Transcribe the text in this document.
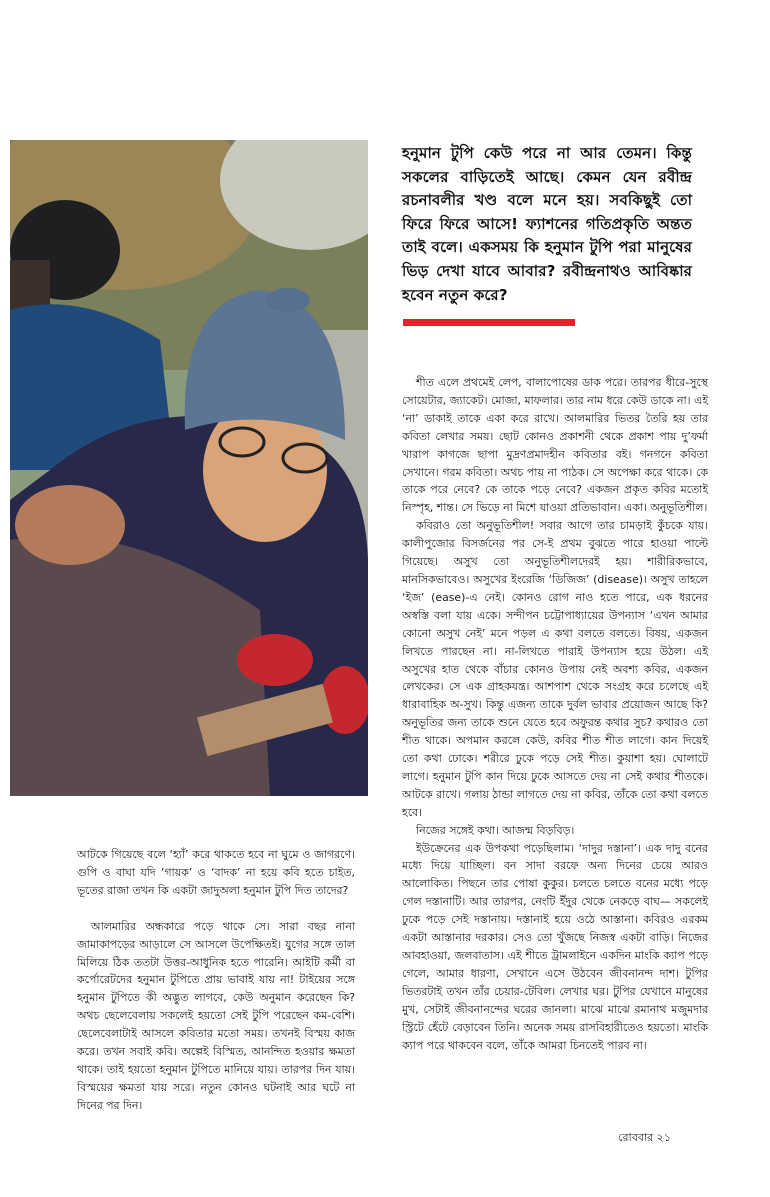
হনুমান টুপি কেউ পরে না আর তেমন। কিন্তু সকলের বাড়িতেই আছে। কেমন যেন রবীন্দ্র রচনাবলীর খণ্ড বলে মনে হয়। সবকিছুই তো ফিরে ফিরে আসে! ফ্যাশনের গতিপ্রকৃতি অন্তত তাই বলে। একসময় কি হনুমান টুপি পরা মানুষের ভিড় দেখা যাবে আবার? রবীন্দ্রনাথও আবিষ্কার হবেন নতুন করে?

শীত এলে প্রথমেই লেপ, বালাপোষের ডাক পরে। তারপর ধীরে-সুস্থে সোয়েটার, জ্যাকেট। মোজা, মাফলার। তার নাম ধরে কেউ ডাকে না। এই ‘না’ ডাকাই তাকে একা করে রাখে। আলমারির ভিতর তৈরি হয় তার কবিতা লেখার সময়। ছোট কোনও প্রকাশনী থেকে প্রকাশ পায় দু’ফর্মা খারাপ কাগজে ছাপা মুদ্রণপ্রমাদহীন কবিতার বই। গনগনে কবিতা সেখানে। গরম কবিতা। অথচ পায় না পাঠক। সে অপেক্ষা করে থাকে। কে তাকে পরে নেবে? কে তাকে পড়ে নেবে? একজন প্রকৃত কবির মতোই নিস্পৃহ, শান্ত। সে ভিড়ে না মিশে যাওয়া প্রতিভাবান। একা। অনুভূতিশীল।

কবিরাও তো অনুভূতিশীল! সবার আগে তার চামড়াই কুঁচকে যায়। কালীপুজোর বিসর্জনের পর সে-ই প্রথম বুঝতে পারে হাওয়া পাল্টে গিয়েছে। অসুখ তো অনুভূতিশীলদেরই হয়। শারীরিকভাবে, মানসিকভাবেও। অসুখের ইংরেজি ‘ডিজিজ’ (disease)। অসুখ তাহলে ‘ইজ’ (ease)-এ নেই। কোনও রোগ নাও হতে পারে, এক ধরনের অস্বস্তি বলা যায় একে। সন্দীপন চট্টোপাধ্যায়ের উপন্যাস ‘এখন আমার কোনো অসুখ নেই’ মনে পড়ল এ কথা বলতে বলতে। বিষয়, একজন লিখতে পারছেন না। না-লিখতে পারাই উপন্যাস হয়ে উঠল। এই অসুখের হাত থেকে বাঁচার কোনও উপায় নেই অবশ্য কবির, একজন লেখকের। সে এক গ্রাহকযন্ত্র। আশপাশ থেকে সংগ্রহ করে চলেছে এই ধারাবাহিক অ-সুখ। কিন্তু এজন্য তাকে দুর্বল ভাবার প্রয়োজন আছে কি? অনুভূতির জন্য তাকে শুনে যেতে হবে অফুরন্ত কথার সুচ? কথারও তো শীত থাকে। অপমান করলে কেউ, কবির শীত শীত লাগে। কান দিয়েই তো কথা ঢোকে। শরীরে ঢুকে পড়ে সেই শীত। কুয়াশা হয়। ঘোলাটে লাগে। হনুমান টুপি কান দিয়ে ঢুকে আসতে দেয় না সেই কথার শীতকে। আটকে রাখে। গলায় ঠান্ডা লাগতে দেয় না কবির, তাঁকে তো কথা বলতে হবে।

নিজের সঙ্গেই কথা। আজন্ম বিড়বিড়।

ইউক্রেনের এক উপকথা পড়েছিলাম। ‘দাদুর দস্তানা’। এক দাদু বনের মধ্যে দিয়ে যাচ্ছিল। বন সাদা বরফে অন্য দিনের চেয়ে আরও আলোকিত। পিছনে তার পোষা কুকুর। চলতে চলতে বনের মধ্যে পড়ে গেল দস্তানাটি। আর তারপর, নেংটি ইঁদুর থেকে নেকড়ে বাঘ— সকলেই ঢুকে পড়ে সেই দস্তানায়। দস্তানাই হয়ে ওঠে আস্তানা। কবিরও এরকম একটা আস্তানার দরকার। সেও তো খুঁজছে নিজস্ব একটা বাড়ি। নিজের আবহাওয়া, জলবাতাস। এই শীতে ট্রামলাইনে একদিন মাংকি ক্যাপ পড়ে গেলে, আমার ধারণা, সেখানে এসে উঠবেন জীবনানন্দ দাশ। টুপির ভিতরটাই তখন তাঁর চেয়ার-টেবিল। লেখার ঘর। টুপির যেখানে মানুষের মুখ, সেটাই জীবনানন্দের ঘরের জানলা। মাঝে মাঝে রমানাথ মজুমদার স্ট্রিটে হেঁটে বেড়াবেন তিনি। অনেক সময় রাসবিহারীতেও হয়তো। মাংকি ক্যাপ পরে থাকবেন বলে, তাঁকে আমরা চিনতেই পারব না।

আটকে গিয়েছে বলে ‘হ্যাঁ’ করে থাকতে হবে না ঘুমে ও জাগরণে। গুপি ও বাঘা যদি ‘গায়ক’ ও ‘বাদক’ না হয়ে কবি হতে চাইত, ভূতের রাজা তখন কি একটা জাদুঅলা হনুমান টুপি দিত তাদের?

আলমারির অন্ধকারে পড়ে থাকে সে। সারা বছর নানা জামাকাপড়ের আড়ালে সে আসলে উপেক্ষিতই। যুগের সঙ্গে তাল মিলিয়ে ঠিক ততটা উত্তর-আধুনিক হতে পারেনি। আইটি কর্মী বা কর্পোরেটদের হনুমান টুপিতে প্রায় ভাবাই যায় না! টাইয়ের সঙ্গে হনুমান টুপিতে কী অদ্ভুত লাগবে, কেউ অনুমান করেছেন কি? অথচ ছেলেবেলায় সকলেই হয়তো সেই টুপি পরেছেন কম-বেশি। ছেলেবেলাটাই আসলে কবিতার মতো সময়। তখনই বিস্ময় কাজ করে। তখন সবাই কবি। অল্পেই বিস্মিত, আনন্দিত হওয়ার ক্ষমতা থাকে। তাই হয়তো হনুমান টুপিতে মানিয়ে যায়। তারপর দিন যায়। বিস্ময়ের ক্ষমতা যায় সরে। নতুন কোনও ঘটনাই আর ঘটে না দিনের পর দিন।

রোববার ২১
